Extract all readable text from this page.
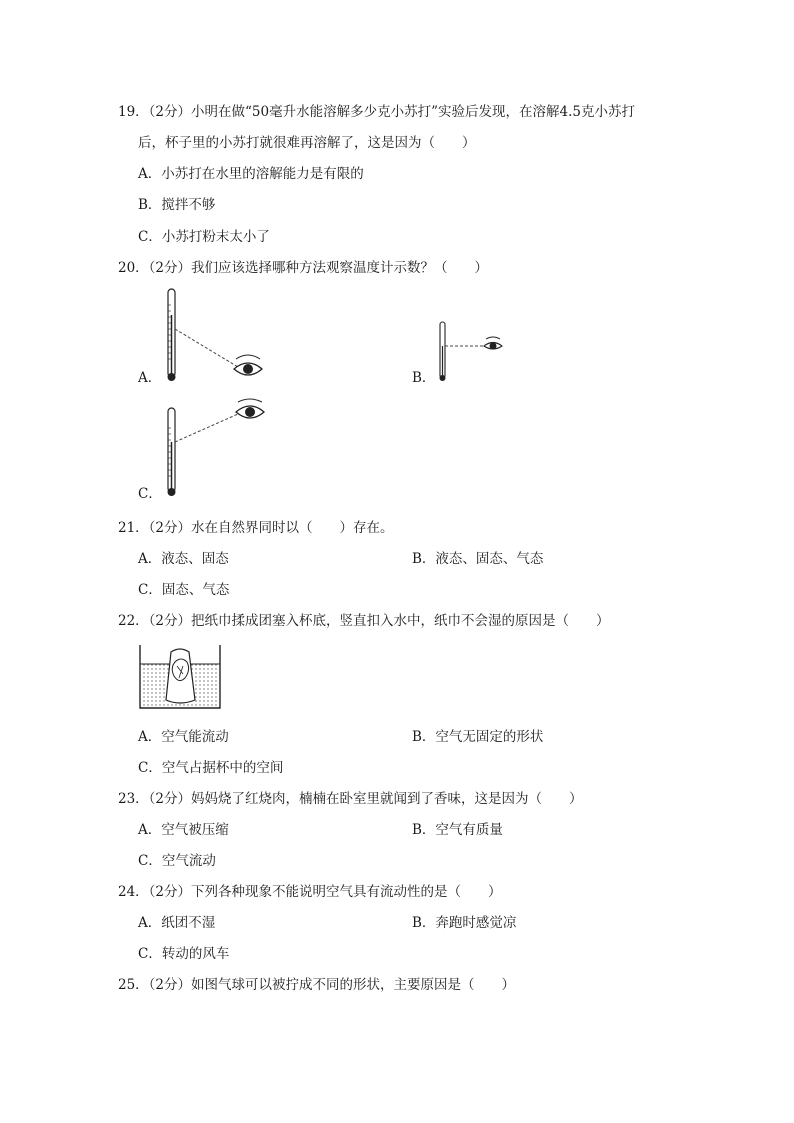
19．（2分）小明在做“50毫升水能溶解多少克小苏打”实验后发现，在溶解4.5克小苏打
后，杯子里的小苏打就很难再溶解了，这是因为（　　）
A．小苏打在水里的溶解能力是有限的
B．搅拌不够
C．小苏打粉末太小了
20．（2分）我们应该选择哪种方法观察温度计示数？（　　）
A．	B．
C．
21．（2分）水在自然界同时以（　　）存在。
A．液态、固态	B．液态、固态、气态
C．固态、气态
22．（2分）把纸巾揉成团塞入杯底，竖直扣入水中，纸巾不会湿的原因是（　　）
A．空气能流动	B．空气无固定的形状
C．空气占据杯中的空间
23．（2分）妈妈烧了红烧肉，楠楠在卧室里就闻到了香味，这是因为（　　）
A．空气被压缩	B．空气有质量
C．空气流动
24．（2分）下列各种现象不能说明空气具有流动性的是（　　）
A．纸团不湿	B．奔跑时感觉凉
C．转动的风车
25．（2分）如图气球可以被拧成不同的形状，主要原因是（　　）
